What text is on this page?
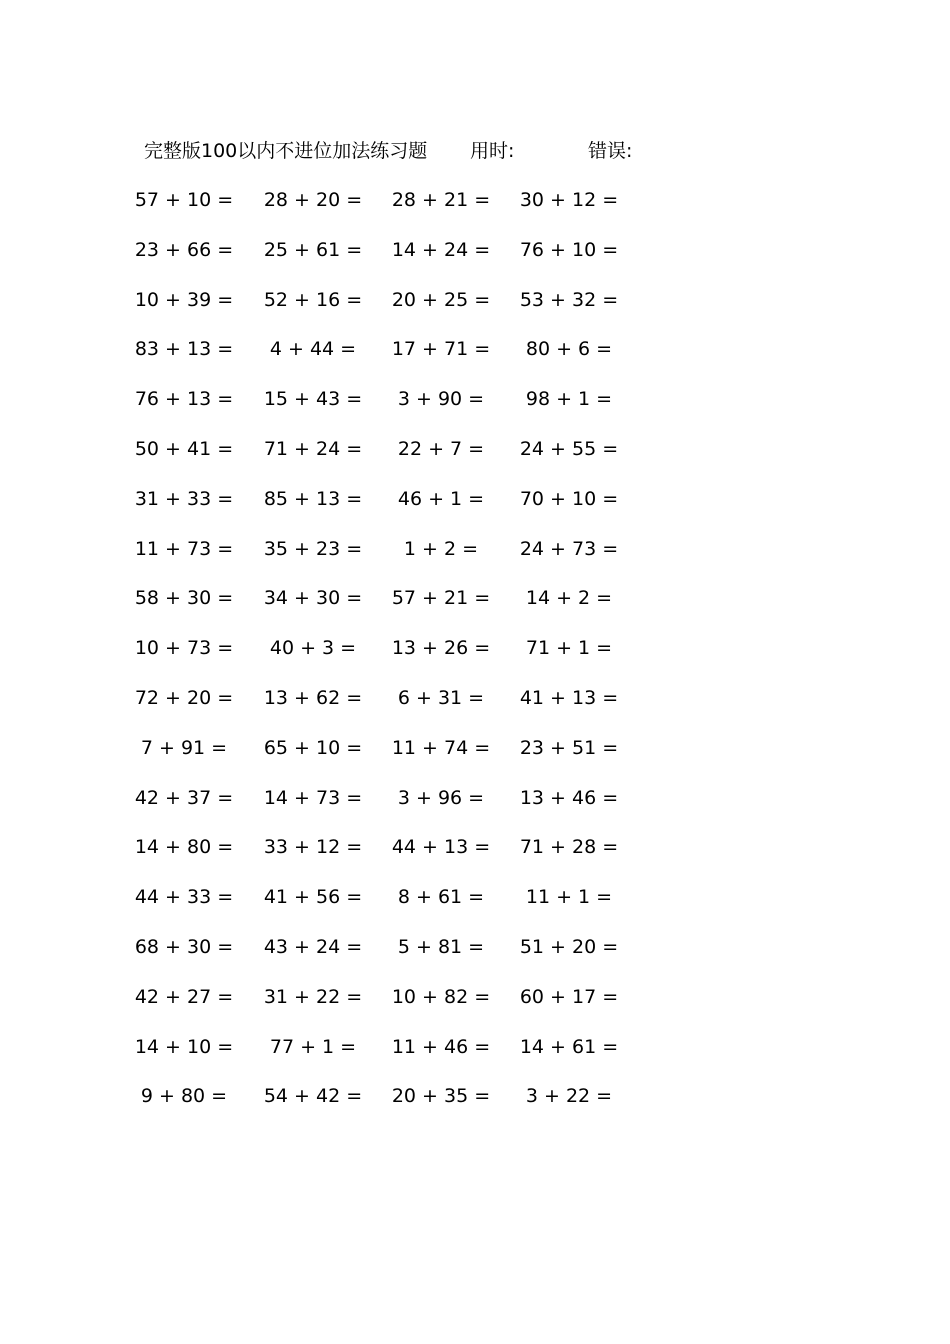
完整版100以内不进位加法练习题 用时:	错误:
57 + 10 =	28 + 20 =	28 + 21 =	30 + 12 =
23 + 66 =	25 + 61 =	14 + 24 =	76 + 10 =
10 + 39 =	52 + 16 =	20 + 25 =	53 + 32 =
83 + 13 =	4 + 44 =	17 + 71 =	80 + 6 =
76 + 13 =	15 + 43 =	3 + 90 =	98 + 1 =
50 + 41 =	71 + 24 =	22 + 7 =	24 + 55 =
31 + 33 =	85 + 13 =	46 + 1 =	70 + 10 =
11 + 73 =	35 + 23 =	1 + 2 =	24 + 73 =
58 + 30 =	34 + 30 =	57 + 21 =	14 + 2 =
10 + 73 =	40 + 3 =	13 + 26 =	71 + 1 =
72 + 20 =	13 + 62 =	6 + 31 =	41 + 13 =
7 + 91 =	65 + 10 =	11 + 74 =	23 + 51 =
42 + 37 =	14 + 73 =	3 + 96 =	13 + 46 =
14 + 80 =	33 + 12 =	44 + 13 =	71 + 28 =
44 + 33 =	41 + 56 =	8 + 61 =	11 + 1 =
68 + 30 =	43 + 24 =	5 + 81 =	51 + 20 =
42 + 27 =	31 + 22 =	10 + 82 =	60 + 17 =
14 + 10 =	77 + 1 =	11 + 46 =	14 + 61 =
9 + 80 =	54 + 42 =	20 + 35 =	3 + 22 =
